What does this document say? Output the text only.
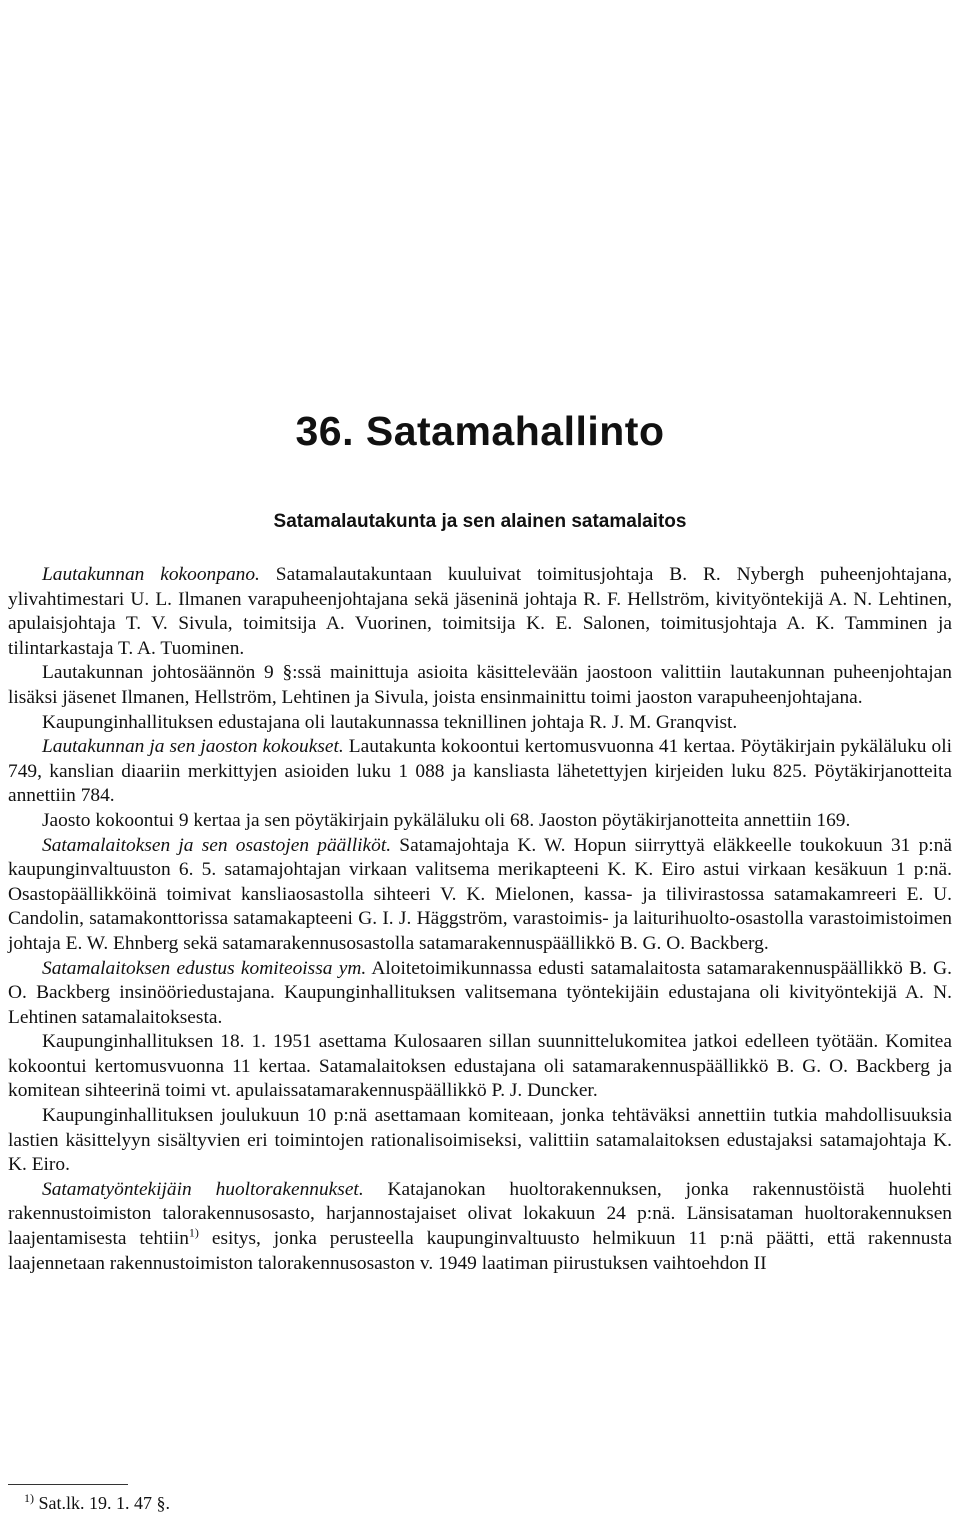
36. Satamahallinto
Satamalautakunta ja sen alainen satamalaitos

Lautakunnan kokoonpano. Satamalautakuntaan kuuluivat toimitusjohtaja B. R. Nybergh puheenjohtajana, ylivahtimestari U. L. Ilmanen varapuheenjohtajana sekä jäseninä johtaja R. F. Hellström, kivityöntekijä A. N. Lehtinen, apulaisjohtaja T. V. Sivula, toimitsija A. Vuorinen, toimitsija K. E. Salonen, toimitusjohtaja A. K. Tamminen ja tilintarkastaja T. A. Tuominen.

Lautakunnan johtosäännön 9 §:ssä mainittuja asioita käsittelevään jaostoon valittiin lautakunnan puheenjohtajan lisäksi jäsenet Ilmanen, Hellström, Lehtinen ja Sivula, joista ensinmainittu toimi jaoston varapuheenjohtajana.

Kaupunginhallituksen edustajana oli lautakunnassa teknillinen johtaja R. J. M. Granqvist.

Lautakunnan ja sen jaoston kokoukset. Lautakunta kokoontui kertomusvuonna 41 kertaa. Pöytäkirjain pykäläluku oli 749, kanslian diaariin merkittyjen asioiden luku 1 088 ja kansliasta lähetettyjen kirjeiden luku 825. Pöytäkirjanotteita annettiin 784.

Jaosto kokoontui 9 kertaa ja sen pöytäkirjain pykäläluku oli 68. Jaoston pöytäkirjanotteita annettiin 169.

Satamalaitoksen ja sen osastojen päälliköt. Satamajohtaja K. W. Hopun siirryttyä eläkkeelle toukokuun 31 p:nä kaupunginvaltuuston 6. 5. satamajohtajan virkaan valitsema merikapteeni K. K. Eiro astui virkaan kesäkuun 1 p:nä. Osastopäällikköinä toimivat kansliaosastolla sihteeri V. K. Mielonen, kassa- ja tilivirastossa satamakamreeri E. U. Candolin, satamakonttorissa satamakapteeni G. I. J. Häggström, varastoimis- ja laiturihuolto-osastolla varastoimistoimen johtaja E. W. Ehnberg sekä satamarakennusosastolla satamarakennuspäällikkö B. G. O. Backberg.

Satamalaitoksen edustus komiteoissa ym. Aloitetoimikunnassa edusti satamalaitosta satamarakennuspäällikkö B. G. O. Backberg insinööriedustajana. Kaupunginhallituksen valitsemana työntekijäin edustajana oli kivityöntekijä A. N. Lehtinen satamalaitoksesta.

Kaupunginhallituksen 18. 1. 1951 asettama Kulosaaren sillan suunnittelukomitea jatkoi edelleen työtään. Komitea kokoontui kertomusvuonna 11 kertaa. Satamalaitoksen edustajana oli satamarakennuspäällikkö B. G. O. Backberg ja komitean sihteerinä toimi vt. apulaissatamarakennuspäällikkö P. J. Duncker.

Kaupunginhallituksen joulukuun 10 p:nä asettamaan komiteaan, jonka tehtäväksi annettiin tutkia mahdollisuuksia lastien käsittelyyn sisältyvien eri toimintojen rationalisoimiseksi, valittiin satamalaitoksen edustajaksi satamajohtaja K. K. Eiro.

Satamatyöntekijäin huoltorakennukset. Katajanokan huoltorakennuksen, jonka rakennustöistä huolehti rakennustoimiston talorakennusosasto, harjannostajaiset olivat lokakuun 24 p:nä. Länsisataman huoltorakennuksen laajentamisesta tehtiin$^{1)}$ esitys, jonka perusteella kaupunginvaltuusto helmikuun 11 p:nä päätti, että rakennusta laajennetaan rakennustoimiston talorakennusosaston v. 1949 laatiman piirustuksen vaihtoehdon II

$^{1)}$ Sat.lk. 19. 1. 47 §.
